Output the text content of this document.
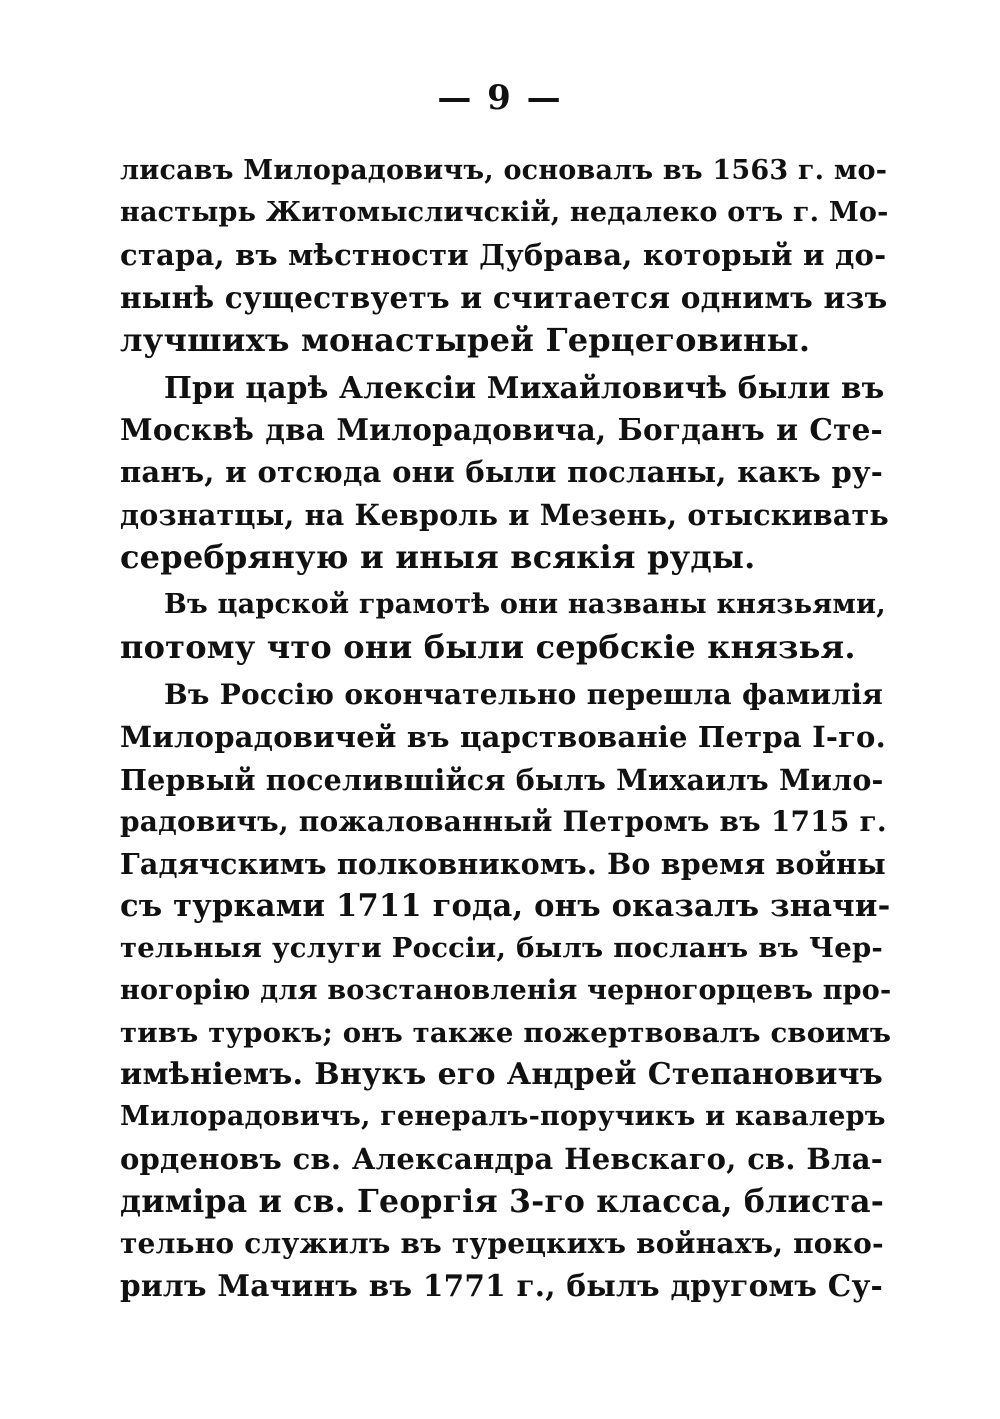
— 9 —
лисавъ Милорадовичъ, основалъ въ 1563 г. мо-
настырь Житомысличскій, недалеко отъ г. Мо-
стара, въ мѣстности Дубрава, который и до-
нынѣ существуетъ и считается однимъ изъ
лучшихъ монастырей Герцеговины.
При царѣ Алексіи Михайловичѣ были въ
Москвѣ два Милорадовича, Богданъ и Сте-
панъ, и отсюда они были посланы, какъ ру-
дознатцы, на Кевроль и Мезень, отыскивать
серебряную и иныя всякія руды.
Въ царской грамотѣ они названы князьями,
потому что они были сербскіе князья.
Въ Россію окончательно перешла фамилія
Милорадовичей въ царствованіе Петра I-го.
Первый поселившійся былъ Михаилъ Мило-
радовичъ, пожалованный Петромъ въ 1715 г.
Гадячскимъ полковникомъ. Во время войны
съ турками 1711 года, онъ оказалъ значи-
тельныя услуги Россіи, былъ посланъ въ Чер-
ногорію для возстановленія черногорцевъ про-
тивъ турокъ; онъ также пожертвовалъ своимъ
имѣніемъ. Внукъ его Андрей Степановичъ
Милорадовичъ, генералъ-поручикъ и кавалеръ
орденовъ св. Александра Невскаго, св. Вла-
диміра и св. Георгія 3-го класса, блиста-
тельно служилъ въ турецкихъ войнахъ, поко-
рилъ Мачинъ въ 1771 г., былъ другомъ Су-
